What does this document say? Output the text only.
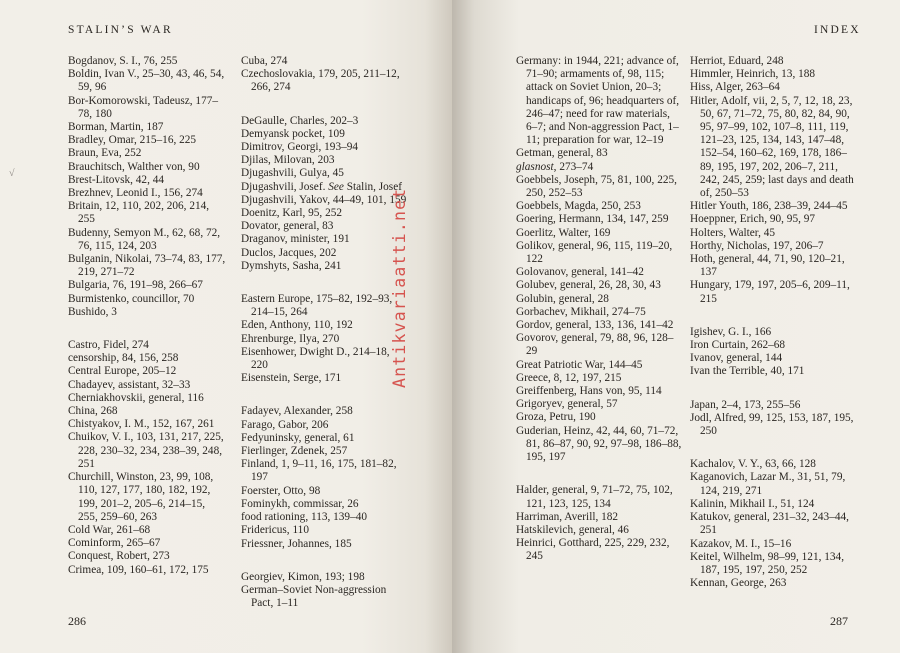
STALIN’S WAR
Bogdanov, S. I., 76, 255
Boldin, Ivan V., 25–30, 43, 46, 54, 59, 96
Bor-Komorowski, Tadeusz, 177–78, 180
Borman, Martin, 187
Bradley, Omar, 215–16, 225
Braun, Eva, 252
Brauchitsch, Walther von, 90
Brest-Litovsk, 42, 44
Brezhnev, Leonid I., 156, 274
Britain, 12, 110, 202, 206, 214, 255
Budenny, Semyon M., 62, 68, 72, 76, 115, 124, 203
Bulganin, Nikolai, 73–74, 83, 177, 219, 271–72
Bulgaria, 76, 191–98, 266–67
Burmistenko, councillor, 70
Bushido, 3
Castro, Fidel, 274
censorship, 84, 156, 258
Central Europe, 205–12
Chadayev, assistant, 32–33
Cherniakhovskii, general, 116
China, 268
Chistyakov, I. M., 152, 167, 261
Chuikov, V. I., 103, 131, 217, 225, 228, 230–32, 234, 238–39, 248, 251
Churchill, Winston, 23, 99, 108, 110, 127, 177, 180, 182, 192, 199, 201–2, 205–6, 214–15, 255, 259–60, 263
Cold War, 261–68
Cominform, 265–67
Conquest, Robert, 273
Crimea, 109, 160–61, 172, 175
Cuba, 274
Czechoslovakia, 179, 205, 211–12, 266, 274
DeGaulle, Charles, 202–3
Demyansk pocket, 109
Dimitrov, Georgi, 193–94
Djilas, Milovan, 203
Djugashvili, Gulya, 45
Djugashvili, Josef. See Stalin, Josef
Djugashvili, Yakov, 44–49, 101, 159
Doenitz, Karl, 95, 252
Dovator, general, 83
Draganov, minister, 191
Duclos, Jacques, 202
Dymshyts, Sasha, 241
Eastern Europe, 175–82, 192–93, 214–15, 264
Eden, Anthony, 110, 192
Ehrenburge, Ilya, 270
Eisenhower, Dwight D., 214–18, 220
Eisenstein, Serge, 171
Fadayev, Alexander, 258
Farago, Gabor, 206
Fedyuninsky, general, 61
Fierlinger, Zdenek, 257
Finland, 1, 9–11, 16, 175, 181–82, 197
Foerster, Otto, 98
Fominykh, commissar, 26
food rationing, 113, 139–40
Fridericus, 110
Friessner, Johannes, 185
Georgiev, Kimon, 193; 198
German–Soviet Non-aggression Pact, 1–11
√
Antikvariaatti.net
286
INDEX
Germany: in 1944, 221; advance of, 71–90; armaments of, 98, 115; attack on Soviet Union, 20–3; handicaps of, 96; headquarters of, 246–47; need for raw materials, 6–7; and Non-aggression Pact, 1–11; preparation for war, 12–19
Getman, general, 83
glasnost, 273–74
Goebbels, Joseph, 75, 81, 100, 225, 250, 252–53
Goebbels, Magda, 250, 253
Goering, Hermann, 134, 147, 259
Goerlitz, Walter, 169
Golikov, general, 96, 115, 119–20, 122
Golovanov, general, 141–42
Golubev, general, 26, 28, 30, 43
Golubin, general, 28
Gorbachev, Mikhail, 274–75
Gordov, general, 133, 136, 141–42
Govorov, general, 79, 88, 96, 128–29
Great Patriotic War, 144–45
Greece, 8, 12, 197, 215
Greiffenberg, Hans von, 95, 114
Grigoryev, general, 57
Groza, Petru, 190
Guderian, Heinz, 42, 44, 60, 71–72, 81, 86–87, 90, 92, 97–98, 186–88, 195, 197
Halder, general, 9, 71–72, 75, 102, 121, 123, 125, 134
Harriman, Averill, 182
Hatskilevich, general, 46
Heinrici, Gotthard, 225, 229, 232, 245
Herriot, Eduard, 248
Himmler, Heinrich, 13, 188
Hiss, Alger, 263–64
Hitler, Adolf, vii, 2, 5, 7, 12, 18, 23, 50, 67, 71–72, 75, 80, 82, 84, 90, 95, 97–99, 102, 107–8, 111, 119, 121–23, 125, 134, 143, 147–48, 152–54, 160–62, 169, 178, 186–89, 195, 197, 202, 206–7, 211, 242, 245, 259; last days and death of, 250–53
Hitler Youth, 186, 238–39, 244–45
Hoeppner, Erich, 90, 95, 97
Holters, Walter, 45
Horthy, Nicholas, 197, 206–7
Hoth, general, 44, 71, 90, 120–21, 137
Hungary, 179, 197, 205–6, 209–11, 215
Igishev, G. I., 166
Iron Curtain, 262–68
Ivanov, general, 144
Ivan the Terrible, 40, 171
Japan, 2–4, 173, 255–56
Jodl, Alfred, 99, 125, 153, 187, 195, 250
Kachalov, V. Y., 63, 66, 128
Kaganovich, Lazar M., 31, 51, 79, 124, 219, 271
Kalinin, Mikhail I., 51, 124
Katukov, general, 231–32, 243–44, 251
Kazakov, M. I., 15–16
Keitel, Wilhelm, 98–99, 121, 134, 187, 195, 197, 250, 252
Kennan, George, 263
287
